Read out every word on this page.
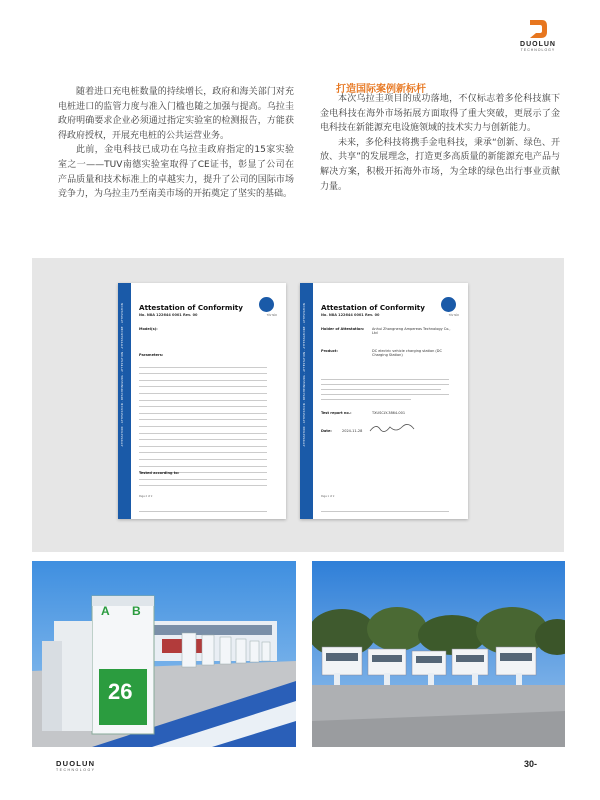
DUOLUN
TECHNOLOGY

随着进口充电桩数量的持续增长，政府和海关部门对充电桩进口的监管力度与准入门槛也随之加强与提高。乌拉圭政府明确要求企业必须通过指定实验室的检测报告，方能获得政府授权，开展充电桩的公共运营业务。

此前，金电科技已成功在乌拉圭政府指定的15家实验室之一——TUV南德实验室取得了CE证书，彰显了公司在产品质量和技术标准上的卓越实力，提升了公司的国际市场竞争力，为乌拉圭乃至南美市场的开拓奠定了坚实的基础。

打造国际案例新标杆

本次乌拉圭项目的成功落地，不仅标志着多伦科技旗下金电科技在海外市场拓展方面取得了重大突破，更展示了金电科技在新能源充电设施领域的技术实力与创新能力。

未来，多伦科技将携手金电科技，秉承“创新、绿色、开放、共享”的发展理念，打造更多高质量的新能源充电产品与解决方案，积极开拓海外市场，为全球的绿色出行事业贡献力量。

ATTESTATION · ATTESTATION · BESCHEINIGUNG · ATTESTATION · ATTESTAZIONE · ATTESTATION Attestation of Conformity
No. N8A 122644 0001 Rev. 00	TÜV SÜD
Model(s):
Parameters:
Tested according to:
Page 2 of 2
ATTESTATION · ATTESTATION · BESCHEINIGUNG · ATTESTATION · ATTESTAZIONE · ATTESTATION Attestation of Conformity
No. N8A 122644 0001 Rev. 00	TÜV SÜD
Holder of Attestation: Anhui Zhongneng Ampereas Technology Co., Ltd
Product:	DC electric vehicle charging station (DC Charging Station)
Test report no.:	TXUSCLY-3864-001
Date:	2024-11-28
Page 1 of 2
A B
26
DUOLUN
TECHNOLOGY
30-
